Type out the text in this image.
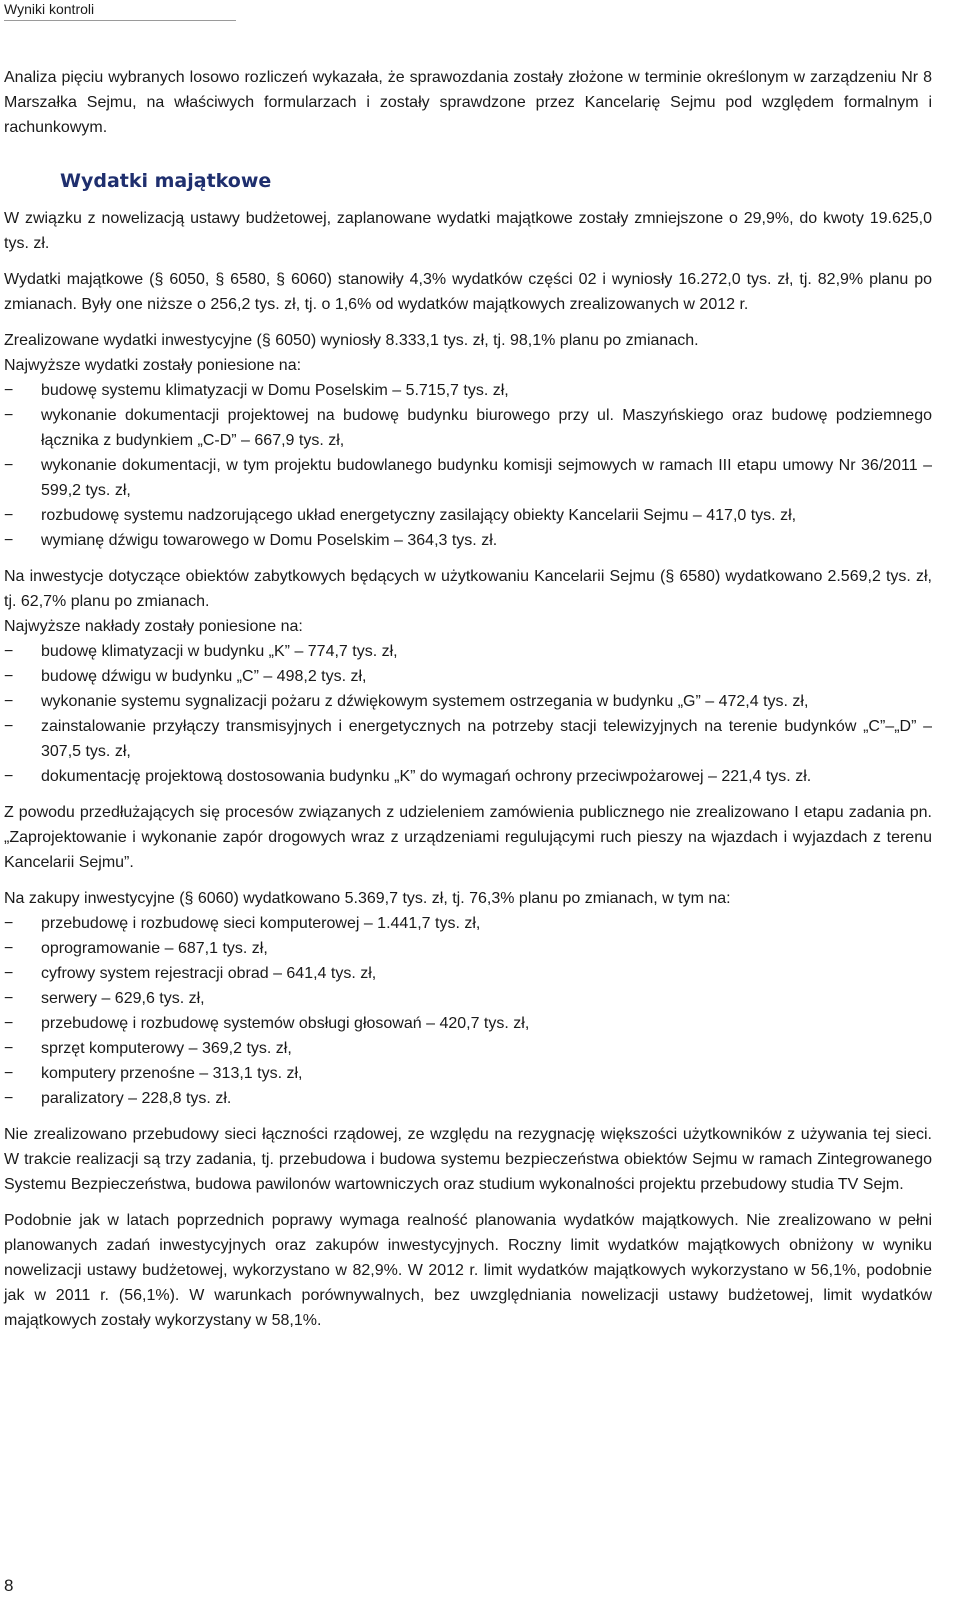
Wyniki kontroli

Analiza pięciu wybranych losowo rozliczeń wykazała, że sprawozdania zostały złożone w terminie określonym w zarządzeniu Nr 8 Marszałka Sejmu, na właściwych formularzach i zostały sprawdzone przez Kancelarię Sejmu pod względem formalnym i rachunkowym.

Wydatki majątkowe

W związku z nowelizacją ustawy budżetowej, zaplanowane wydatki majątkowe zostały zmniejszone o 29,9%, do kwoty 19.625,0 tys. zł.

Wydatki majątkowe (§ 6050, § 6580, § 6060) stanowiły 4,3% wydatków części 02 i wyniosły 16.272,0 tys. zł, tj. 82,9% planu po zmianach. Były one niższe o 256,2 tys. zł, tj. o 1,6% od wydatków majątkowych zrealizowanych w 2012 r.

Zrealizowane wydatki inwestycyjne (§ 6050) wyniosły 8.333,1 tys. zł, tj. 98,1% planu po zmianach.

Najwyższe wydatki zostały poniesione na:

− budowę systemu klimatyzacji w Domu Poselskim – 5.715,7 tys. zł,
− wykonanie dokumentacji projektowej na budowę budynku biurowego przy ul. Maszyńskiego oraz budowę podziemnego łącznika z budynkiem „C-D” – 667,9 tys. zł,
− wykonanie dokumentacji, w tym projektu budowlanego budynku komisji sejmowych w ramach III etapu umowy Nr 36/2011 – 599,2 tys. zł,
− rozbudowę systemu nadzorującego układ energetyczny zasilający obiekty Kancelarii Sejmu – 417,0 tys. zł,
− wymianę dźwigu towarowego w Domu Poselskim – 364,3 tys. zł.

Na inwestycje dotyczące obiektów zabytkowych będących w użytkowaniu Kancelarii Sejmu (§ 6580) wydatkowano 2.569,2 tys. zł, tj. 62,7% planu po zmianach.

Najwyższe nakłady zostały poniesione na:

− budowę klimatyzacji w budynku „K” – 774,7 tys. zł,
− budowę dźwigu w budynku „C” – 498,2 tys. zł,
− wykonanie systemu sygnalizacji pożaru z dźwiękowym systemem ostrzegania w budynku „G” – 472,4 tys. zł,
− zainstalowanie przyłączy transmisyjnych i energetycznych na potrzeby stacji telewizyjnych na terenie budynków „C”–„D” – 307,5 tys. zł,
− dokumentację projektową dostosowania budynku „K” do wymagań ochrony przeciwpożarowej – 221,4 tys. zł.

Z powodu przedłużających się procesów związanych z udzieleniem zamówienia publicznego nie zrealizowano I etapu zadania pn. „Zaprojektowanie i wykonanie zapór drogowych wraz z urządzeniami regulującymi ruch pieszy na wjazdach i wyjazdach z terenu Kancelarii Sejmu”.

Na zakupy inwestycyjne (§ 6060) wydatkowano 5.369,7 tys. zł, tj. 76,3% planu po zmianach, w tym na:

− przebudowę i rozbudowę sieci komputerowej – 1.441,7 tys. zł,
− oprogramowanie – 687,1 tys. zł,
− cyfrowy system rejestracji obrad – 641,4 tys. zł,
− serwery – 629,6 tys. zł,
− przebudowę i rozbudowę systemów obsługi głosowań – 420,7 tys. zł,
− sprzęt komputerowy – 369,2 tys. zł,
− komputery przenośne – 313,1 tys. zł,
− paralizatory – 228,8 tys. zł.

Nie zrealizowano przebudowy sieci łączności rządowej, ze względu na rezygnację większości użytkowników z używania tej sieci. W trakcie realizacji są trzy zadania, tj. przebudowa i budowa systemu bezpieczeństwa obiektów Sejmu w ramach Zintegrowanego Systemu Bezpieczeństwa, budowa pawilonów wartowniczych oraz studium wykonalności projektu przebudowy studia TV Sejm.

Podobnie jak w latach poprzednich poprawy wymaga realność planowania wydatków majątkowych. Nie zrealizowano w pełni planowanych zadań inwestycyjnych oraz zakupów inwestycyjnych. Roczny limit wydatków majątkowych obniżony w wyniku nowelizacji ustawy budżetowej, wykorzystano w 82,9%. W 2012 r. limit wydatków majątkowych wykorzystano w 56,1%, podobnie jak w 2011 r. (56,1%). W warunkach porównywalnych, bez uwzględniania nowelizacji ustawy budżetowej, limit wydatków majątkowych zostały wykorzystany w 58,1%.

8
